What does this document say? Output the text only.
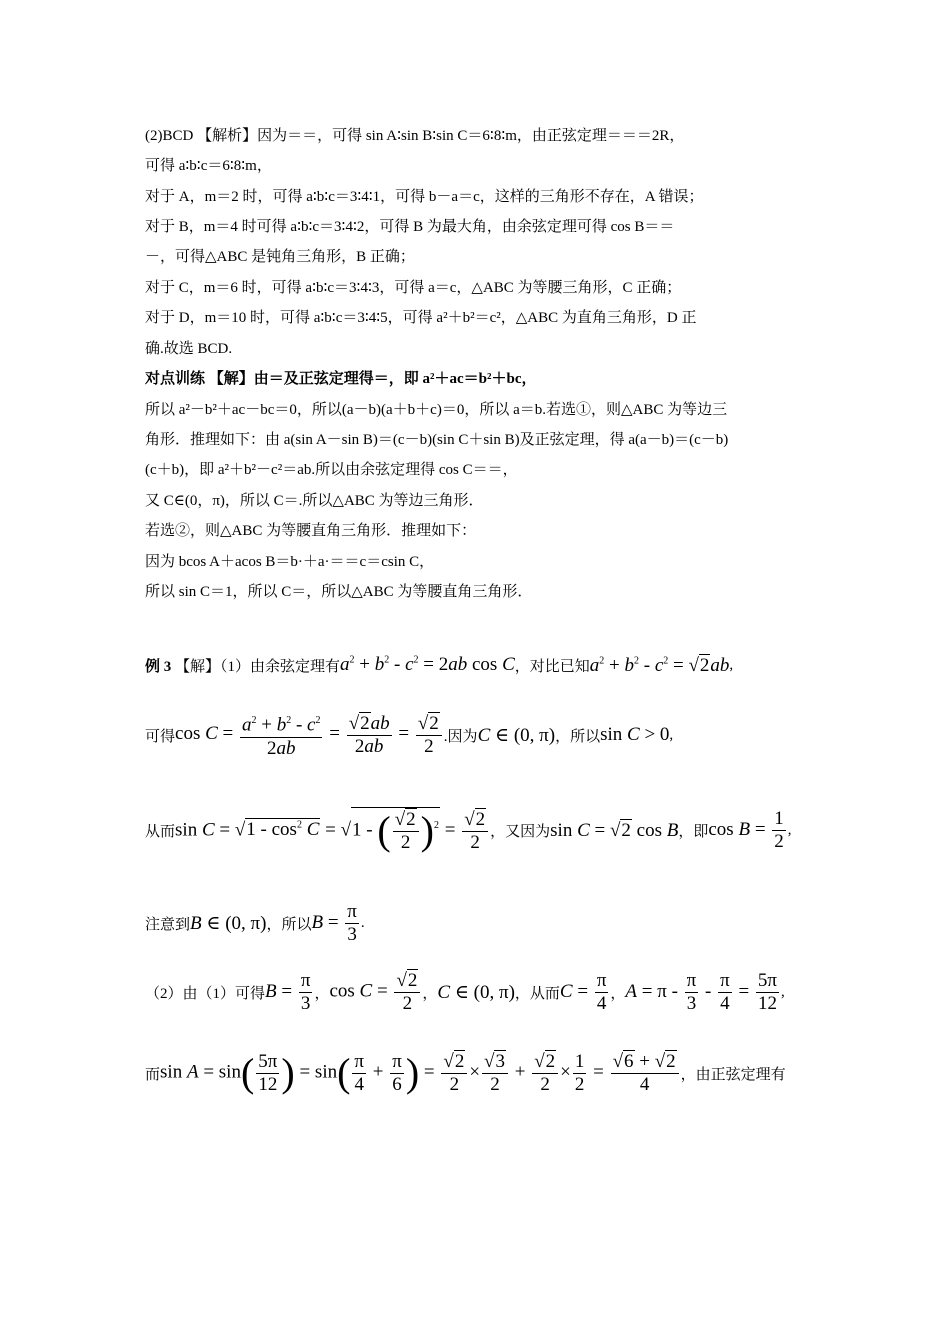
(2)BCD 【解析】因为＝＝，可得 sin A∶sin B∶sin C＝6∶8∶m，由正弦定理＝＝＝2R，
可得 a∶b∶c＝6∶8∶m，
对于 A，m＝2 时，可得 a∶b∶c＝3∶4∶1，可得 b－a＝c，这样的三角形不存在，A 错误；
对于 B，m＝4 时可得 a∶b∶c＝3∶4∶2，可得 B 为最大角，由余弦定理可得 cos B＝＝
－，可得△ABC 是钝角三角形，B 正确；
对于 C，m＝6 时，可得 a∶b∶c＝3∶4∶3，可得 a＝c，△ABC 为等腰三角形，C 正确；
对于 D，m＝10 时，可得 a∶b∶c＝3∶4∶5，可得 a²＋b²＝c²，△ABC 为直角三角形，D 正
确.故选 BCD.
对点训练 【解】由＝及正弦定理得＝，即 a²＋ac＝b²＋bc，
所以 a²－b²＋ac－bc＝0，所以(a－b)(a＋b＋c)＝0，所以 a＝b.若选①，则△ABC 为等边三
角形．推理如下：由 a(sin A－sin B)＝(c－b)(sin C＋sin B)及正弦定理，得 a(a－b)＝(c－b)
(c＋b)，即 a²＋b²－c²＝ab.所以由余弦定理得 cos C＝＝，
又 C∈(0，π)，所以 C＝.所以△ABC 为等边三角形．
若选②，则△ABC 为等腰直角三角形．推理如下：
因为 bcos A＋acos B＝b·＋a·＝＝c＝csin C，
所以 sin C＝1，所以 C＝，所以△ABC 为等腰直角三角形．
例 3
【解】（1）由余弦定理有 $a^2 + b^2 - c^2 = 2ab$ cos C ，对比已知 $a^2 + b^2 - c^2 = √2ab$ ,
可得 $\cos C = \frac{a^2 + b^2 - c^2}{2ab} = \frac{√2ab}{2ab} = \frac{√2}{2}$ .因为 C ∈ (0, π) ，所以 sin C > 0 ,
从而 $\sin C = √1 - \cos^2 C = √1$ - ( $\frac{√2}{2} )^2 = \frac{√2}{2}$ ，又因为 sin C = √2 cos B ，即 $\cos B = \frac{1}{2}$ ,
注意到 B ∈ (0, π) ，所以 $B = \frac{\pi}{3}$ .
（2）由（1）可得 $B = \frac{\pi}{3}$ ， $\cos C = \frac{√2}{2}$ ， C ∈ (0, π) ，从而 $C = \frac{\pi}{4}$ ， $A = \pi - \frac{\pi}{3} - \frac{\pi}{4} = \frac{5\pi}{12}$ ,
而 $\sin A = \sin( \frac{5\pi}{12}$ ) = $\sin( \frac{\pi}{4} + \frac{\pi}{6}$ ) = $\frac{√2}{2} \times \frac{√3}{2} + \frac{√2}{2} \times \frac{1}{2} = \frac{√6 + √2}{4}$ ，由正弦定理有
